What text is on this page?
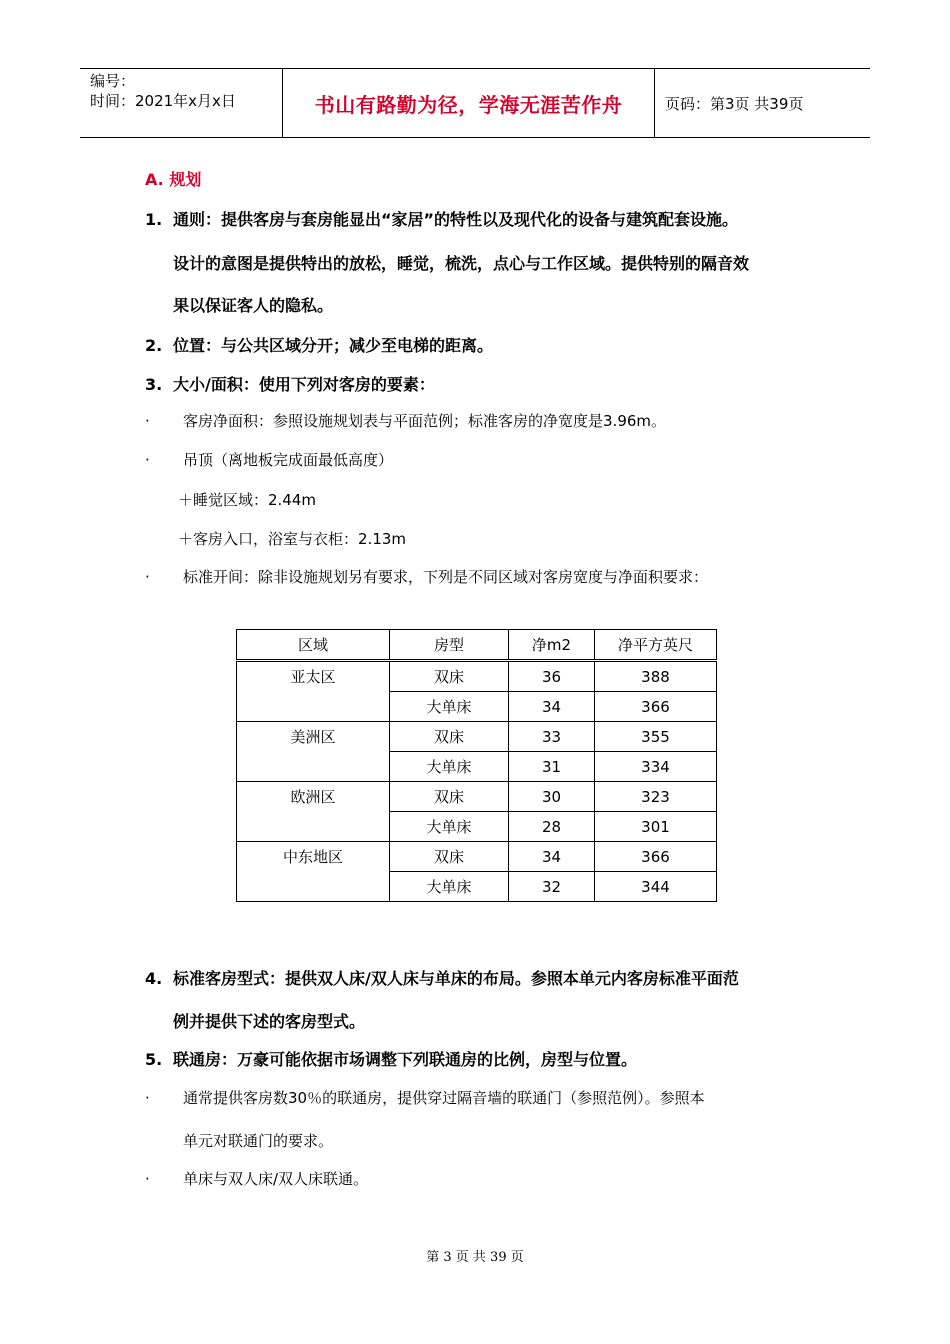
编号：
时间：2021年x月x日	书山有路勤为径，学海无涯苦作舟	页码：第3页 共39页
A. 规划
1. 通则：提供客房与套房能显出“家居”的特性以及现代化的设备与建筑配套设施。
设计的意图是提供特出的放松，睡觉，梳洗，点心与工作区域。提供特别的隔音效
果以保证客人的隐私。
2. 位置：与公共区域分开；减少至电梯的距离。
3. 大小/面积：使用下列对客房的要素：
· 客房净面积：参照设施规划表与平面范例；标准客房的净宽度是3.96m。
· 吊顶（离地板完成面最低高度）
＋睡觉区域：2.44m
＋客房入口，浴室与衣柜：2.13m
· 标准开间：除非设施规划另有要求，下列是不同区域对客房宽度与净面积要求：
区域	房型	净m2	净平方英尺
亚太区	双床	36	388
	大单床	34	366
美洲区	双床	33	355
	大单床	31	334
欧洲区	双床	30	323
	大单床	28	301
中东地区	双床	34	366
	大单床	32	344
4. 标准客房型式：提供双人床/双人床与单床的布局。参照本单元内客房标准平面范
例并提供下述的客房型式。
5. 联通房：万豪可能依据市场调整下列联通房的比例，房型与位置。
· 通常提供客房数30％的联通房，提供穿过隔音墙的联通门（参照范例）。参照本
单元对联通门的要求。
· 单床与双人床/双人床联通。
第 3 页 共 39 页
